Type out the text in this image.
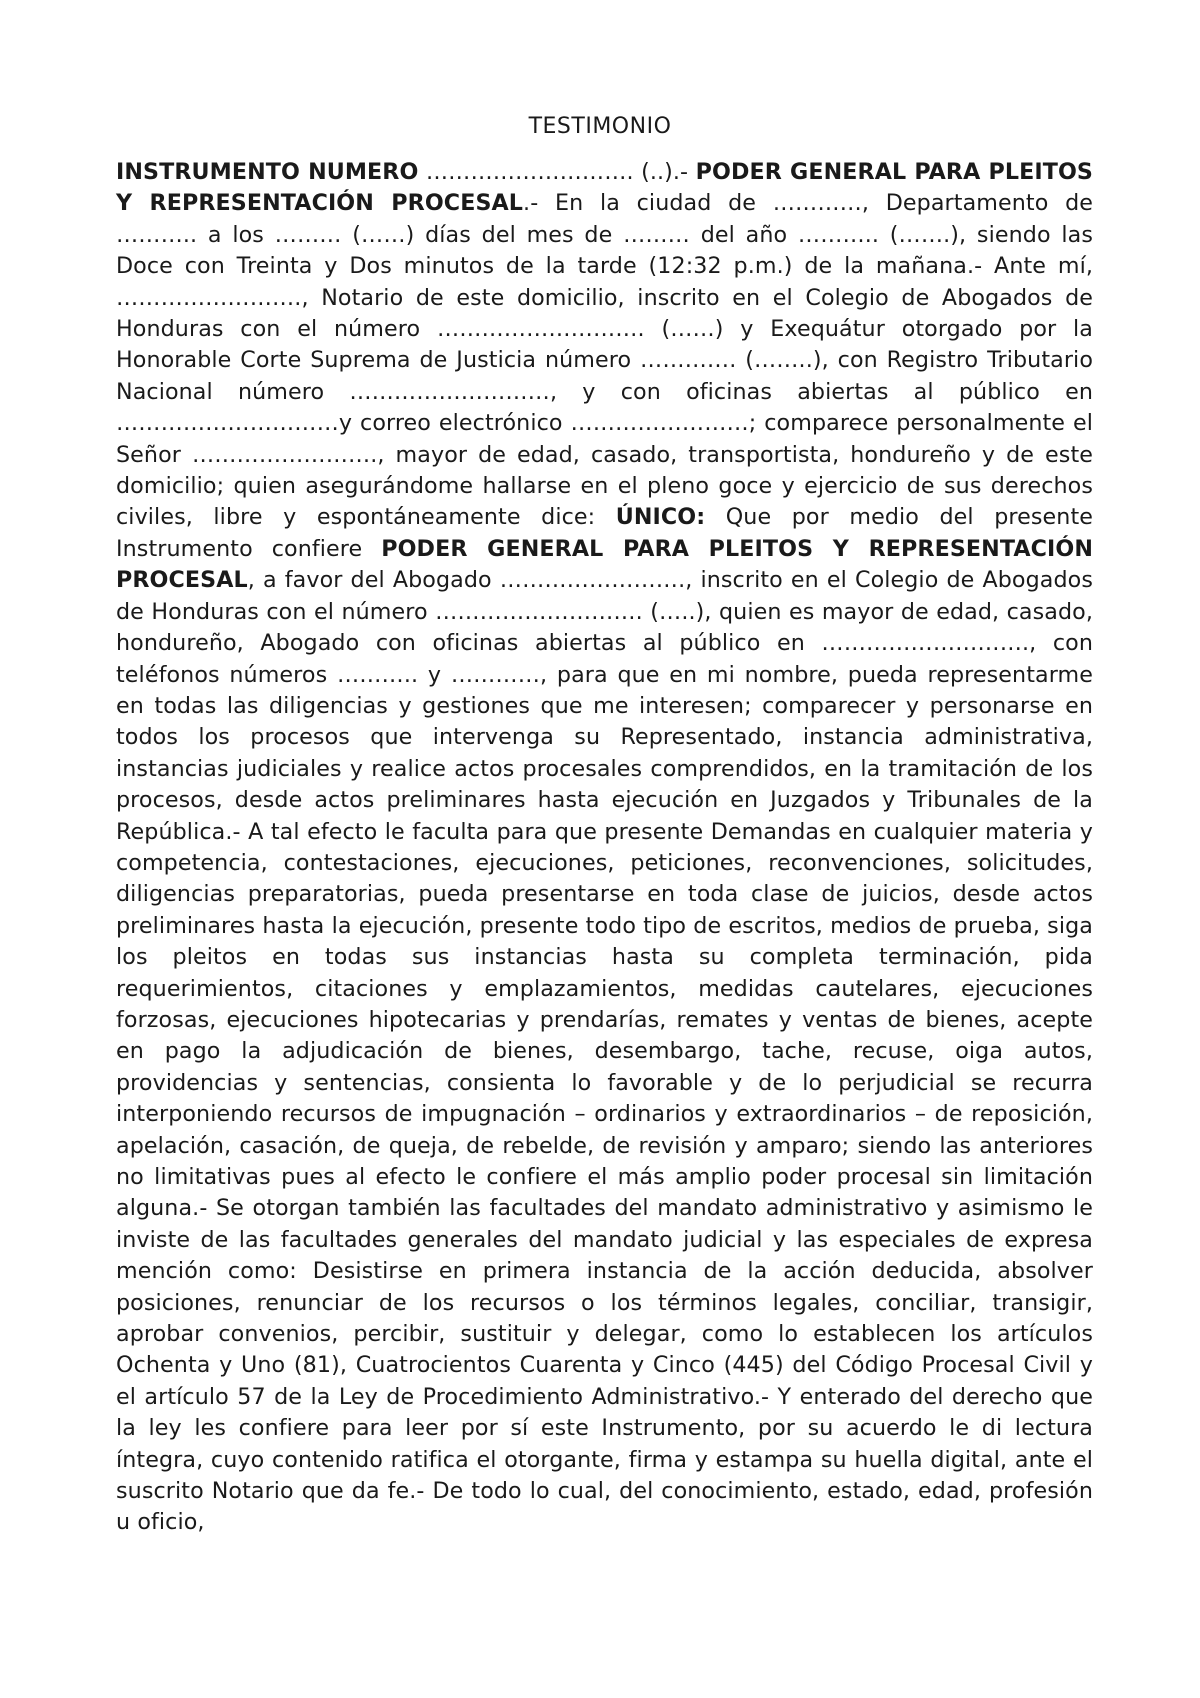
TESTIMONIO
INSTRUMENTO NUMERO ………………………. (..).- PODER GENERAL PARA PLEITOS Y REPRESENTACIÓN PROCESAL.- En la ciudad de …………, Departamento de ……….. a los ……… (……) días del mes de ……… del año ……….. (…….), siendo las Doce con Treinta y Dos minutos de la tarde (12:32 p.m.) de la mañana.- Ante mí, ……………………., Notario de este domicilio, inscrito en el Colegio de Abogados de Honduras con el número ………………………. (……) y Exequátur otorgado por la Honorable Corte Suprema de Justicia número …………. (……..), con Registro Tributario Nacional número ………………………, y con oficinas abiertas al público en …………………………y correo electrónico ……………………; comparece personalmente el Señor ……………………., mayor de edad, casado, transportista, hondureño y de este domicilio; quien asegurándome hallarse en el pleno goce y ejercicio de sus derechos civiles, libre y espontáneamente dice: ÚNICO: Que por medio del presente Instrumento confiere PODER GENERAL PARA PLEITOS Y REPRESENTACIÓN PROCESAL, a favor del Abogado ……………………., inscrito en el Colegio de Abogados de Honduras con el número ………………………. (…..), quien es mayor de edad, casado, hondureño, Abogado con oficinas abiertas al público en ………………………., con teléfonos números ……….. y …………, para que en mi nombre, pueda representarme en todas las diligencias y gestiones que me interesen; comparecer y personarse en todos los procesos que intervenga su Representado, instancia administrativa, instancias judiciales y realice actos procesales comprendidos, en la tramitación de los procesos, desde actos preliminares hasta ejecución en Juzgados y Tribunales de la República.- A tal efecto le faculta para que presente Demandas en cualquier materia y competencia, contestaciones, ejecuciones, peticiones, reconvenciones, solicitudes, diligencias preparatorias, pueda presentarse en toda clase de juicios, desde actos preliminares hasta la ejecución, presente todo tipo de escritos, medios de prueba, siga los pleitos en todas sus instancias hasta su completa terminación, pida requerimientos, citaciones y emplazamientos, medidas cautelares, ejecuciones forzosas, ejecuciones hipotecarias y prendarías, remates y ventas de bienes, acepte en pago la adjudicación de bienes, desembargo, tache, recuse, oiga autos, providencias y sentencias, consienta lo favorable y de lo perjudicial se recurra interponiendo recursos de impugnación – ordinarios y extraordinarios – de reposición, apelación, casación, de queja, de rebelde, de revisión y amparo; siendo las anteriores no limitativas pues al efecto le confiere el más amplio poder procesal sin limitación alguna.- Se otorgan también las facultades del mandato administrativo y asimismo le inviste de las facultades generales del mandato judicial y las especiales de expresa mención como: Desistirse en primera instancia de la acción deducida, absolver posiciones, renunciar de los recursos o los términos legales, conciliar, transigir, aprobar convenios, percibir, sustituir y delegar, como lo establecen los artículos Ochenta y Uno (81), Cuatrocientos Cuarenta y Cinco (445) del Código Procesal Civil y el artículo 57 de la Ley de Procedimiento Administrativo.- Y enterado del derecho que la ley les confiere para leer por sí este Instrumento, por su acuerdo le di lectura íntegra, cuyo contenido ratifica el otorgante, firma y estampa su huella digital, ante el suscrito Notario que da fe.- De todo lo cual, del conocimiento, estado, edad, profesión u oficio,
